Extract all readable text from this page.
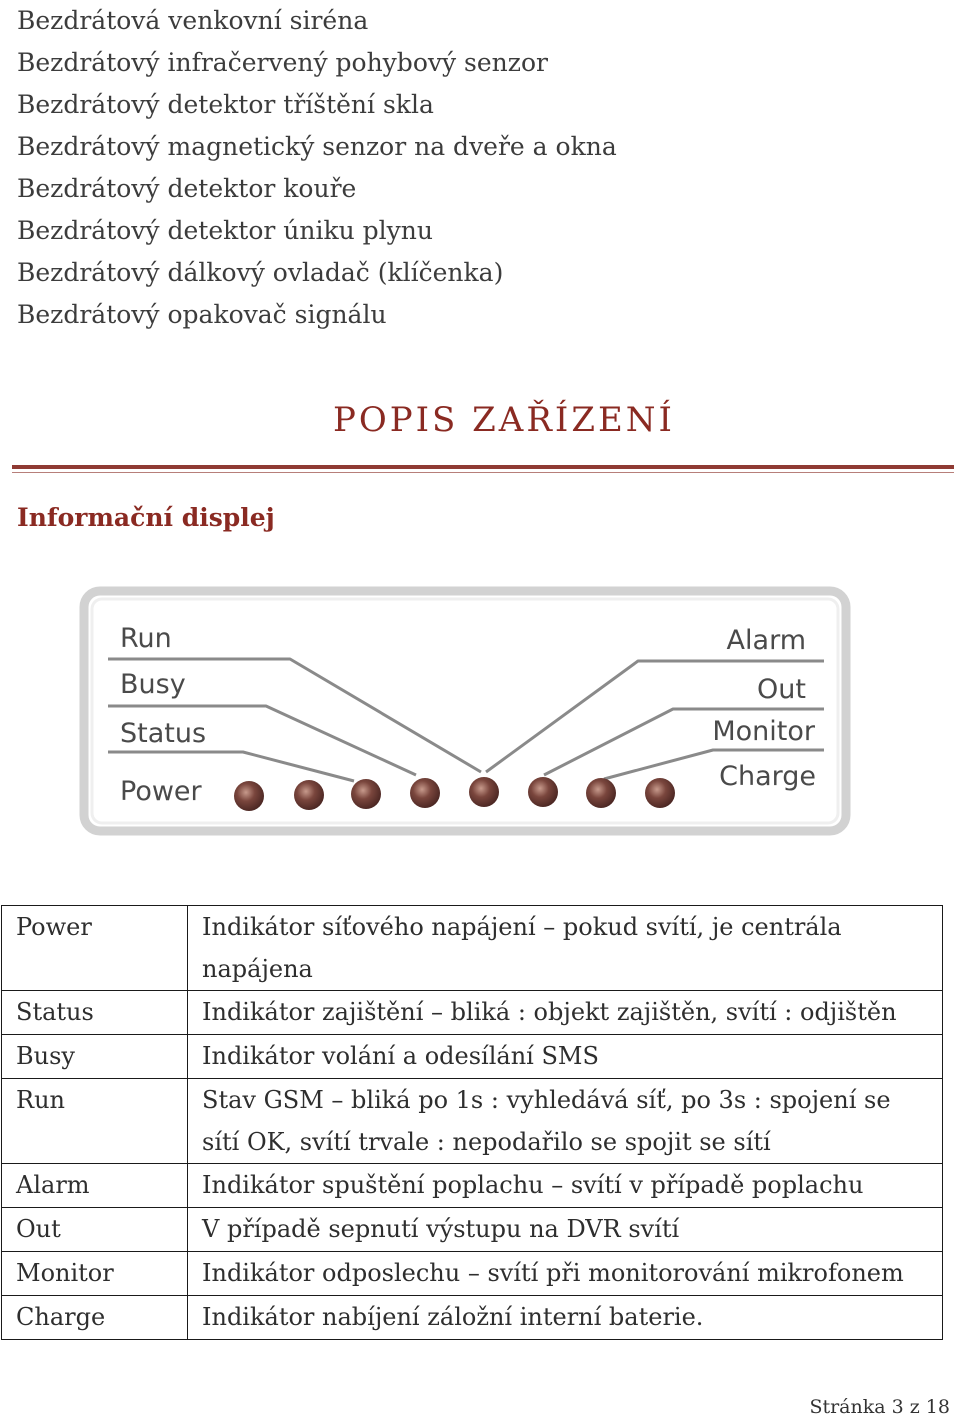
Bezdrátová venkovní siréna
Bezdrátový infračervený pohybový senzor
Bezdrátový detektor tříštění skla
Bezdrátový magnetický senzor na dveře a okna
Bezdrátový detektor kouře
Bezdrátový detektor úniku plynu
Bezdrátový dálkový ovladač (klíčenka)
Bezdrátový opakovač signálu
POPIS ZAŘÍZENÍ
Informační displej
Run
Busy
Status
Power
Alarm
Out
Monitor
Charge
Power	Indikátor síťového napájení – pokud svítí, je centrála napájena
Status	Indikátor zajištění – bliká : objekt zajištěn, svítí : odjištěn
Busy	Indikátor volání a odesílání SMS
Run	Stav GSM – bliká po 1s : vyhledává síť, po 3s : spojení se sítí OK, svítí trvale : nepodařilo se spojit se sítí
Alarm	Indikátor spuštění poplachu – svítí v případě poplachu
Out	V případě sepnutí výstupu na DVR svítí
Monitor	Indikátor odposlechu – svítí při monitorování mikrofonem
Charge	Indikátor nabíjení záložní interní baterie.
Stránka 3 z 18
